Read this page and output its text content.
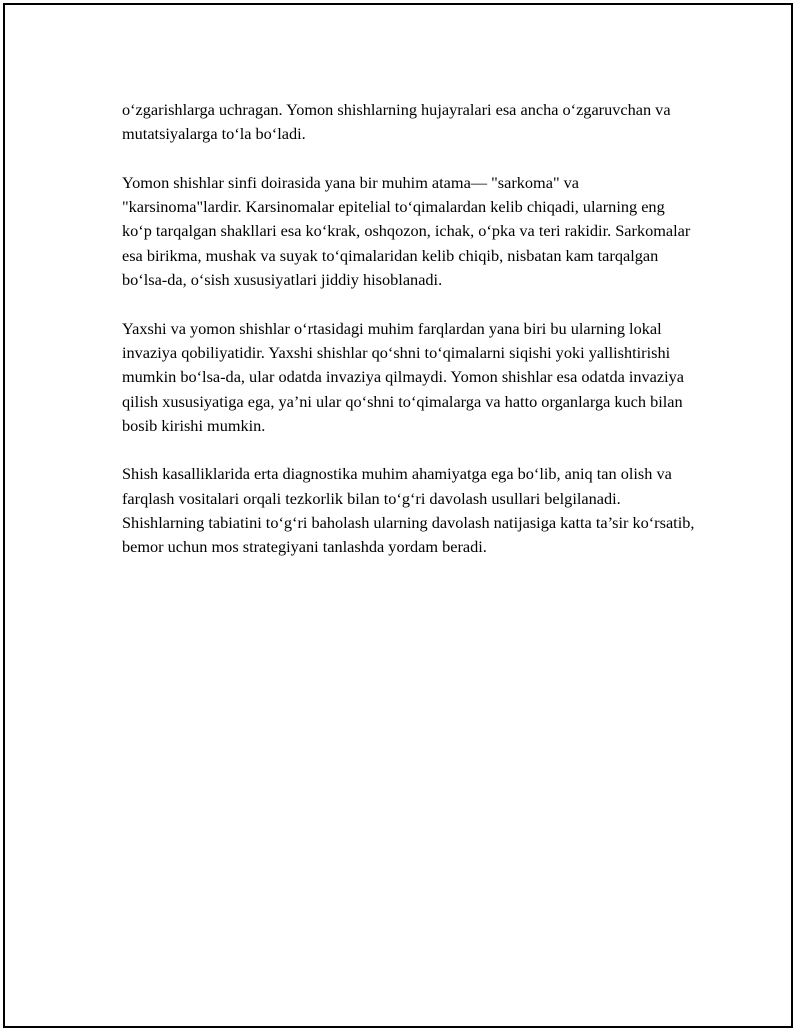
o‘zgarishlarga uchragan. Yomon shishlarning hujayralari esa ancha o‘zgaruvchan va mutatsiyalarga to‘la bo‘ladi.

Yomon shishlar sinfi doirasida yana bir muhim atama— "sarkoma" va "karsinoma"lardir. Karsinomalar epitelial to‘qimalardan kelib chiqadi, ularning eng ko‘p tarqalgan shakllari esa ko‘krak, oshqozon, ichak, o‘pka va teri rakidir. Sarkomalar esa birikma, mushak va suyak to‘qimalaridan kelib chiqib, nisbatan kam tarqalgan bo‘lsa-da, o‘sish xususiyatlari jiddiy hisoblanadi.

Yaxshi va yomon shishlar o‘rtasidagi muhim farqlardan yana biri bu ularning lokal invaziya qobiliyatidir. Yaxshi shishlar qo‘shni to‘qimalarni siqishi yoki yallishtirishi mumkin bo‘lsa-da, ular odatda invaziya qilmaydi. Yomon shishlar esa odatda invaziya qilish xususiyatiga ega, ya’ni ular qo‘shni to‘qimalarga va hatto organlarga kuch bilan bosib kirishi mumkin.

Shish kasalliklarida erta diagnostika muhim ahamiyatga ega bo‘lib, aniq tan olish va farqlash vositalari orqali tezkorlik bilan to‘g‘ri davolash usullari belgilanadi. Shishlarning tabiatini to‘g‘ri baholash ularning davolash natijasiga katta ta’sir ko‘rsatib, bemor uchun mos strategiyani tanlashda yordam beradi.
